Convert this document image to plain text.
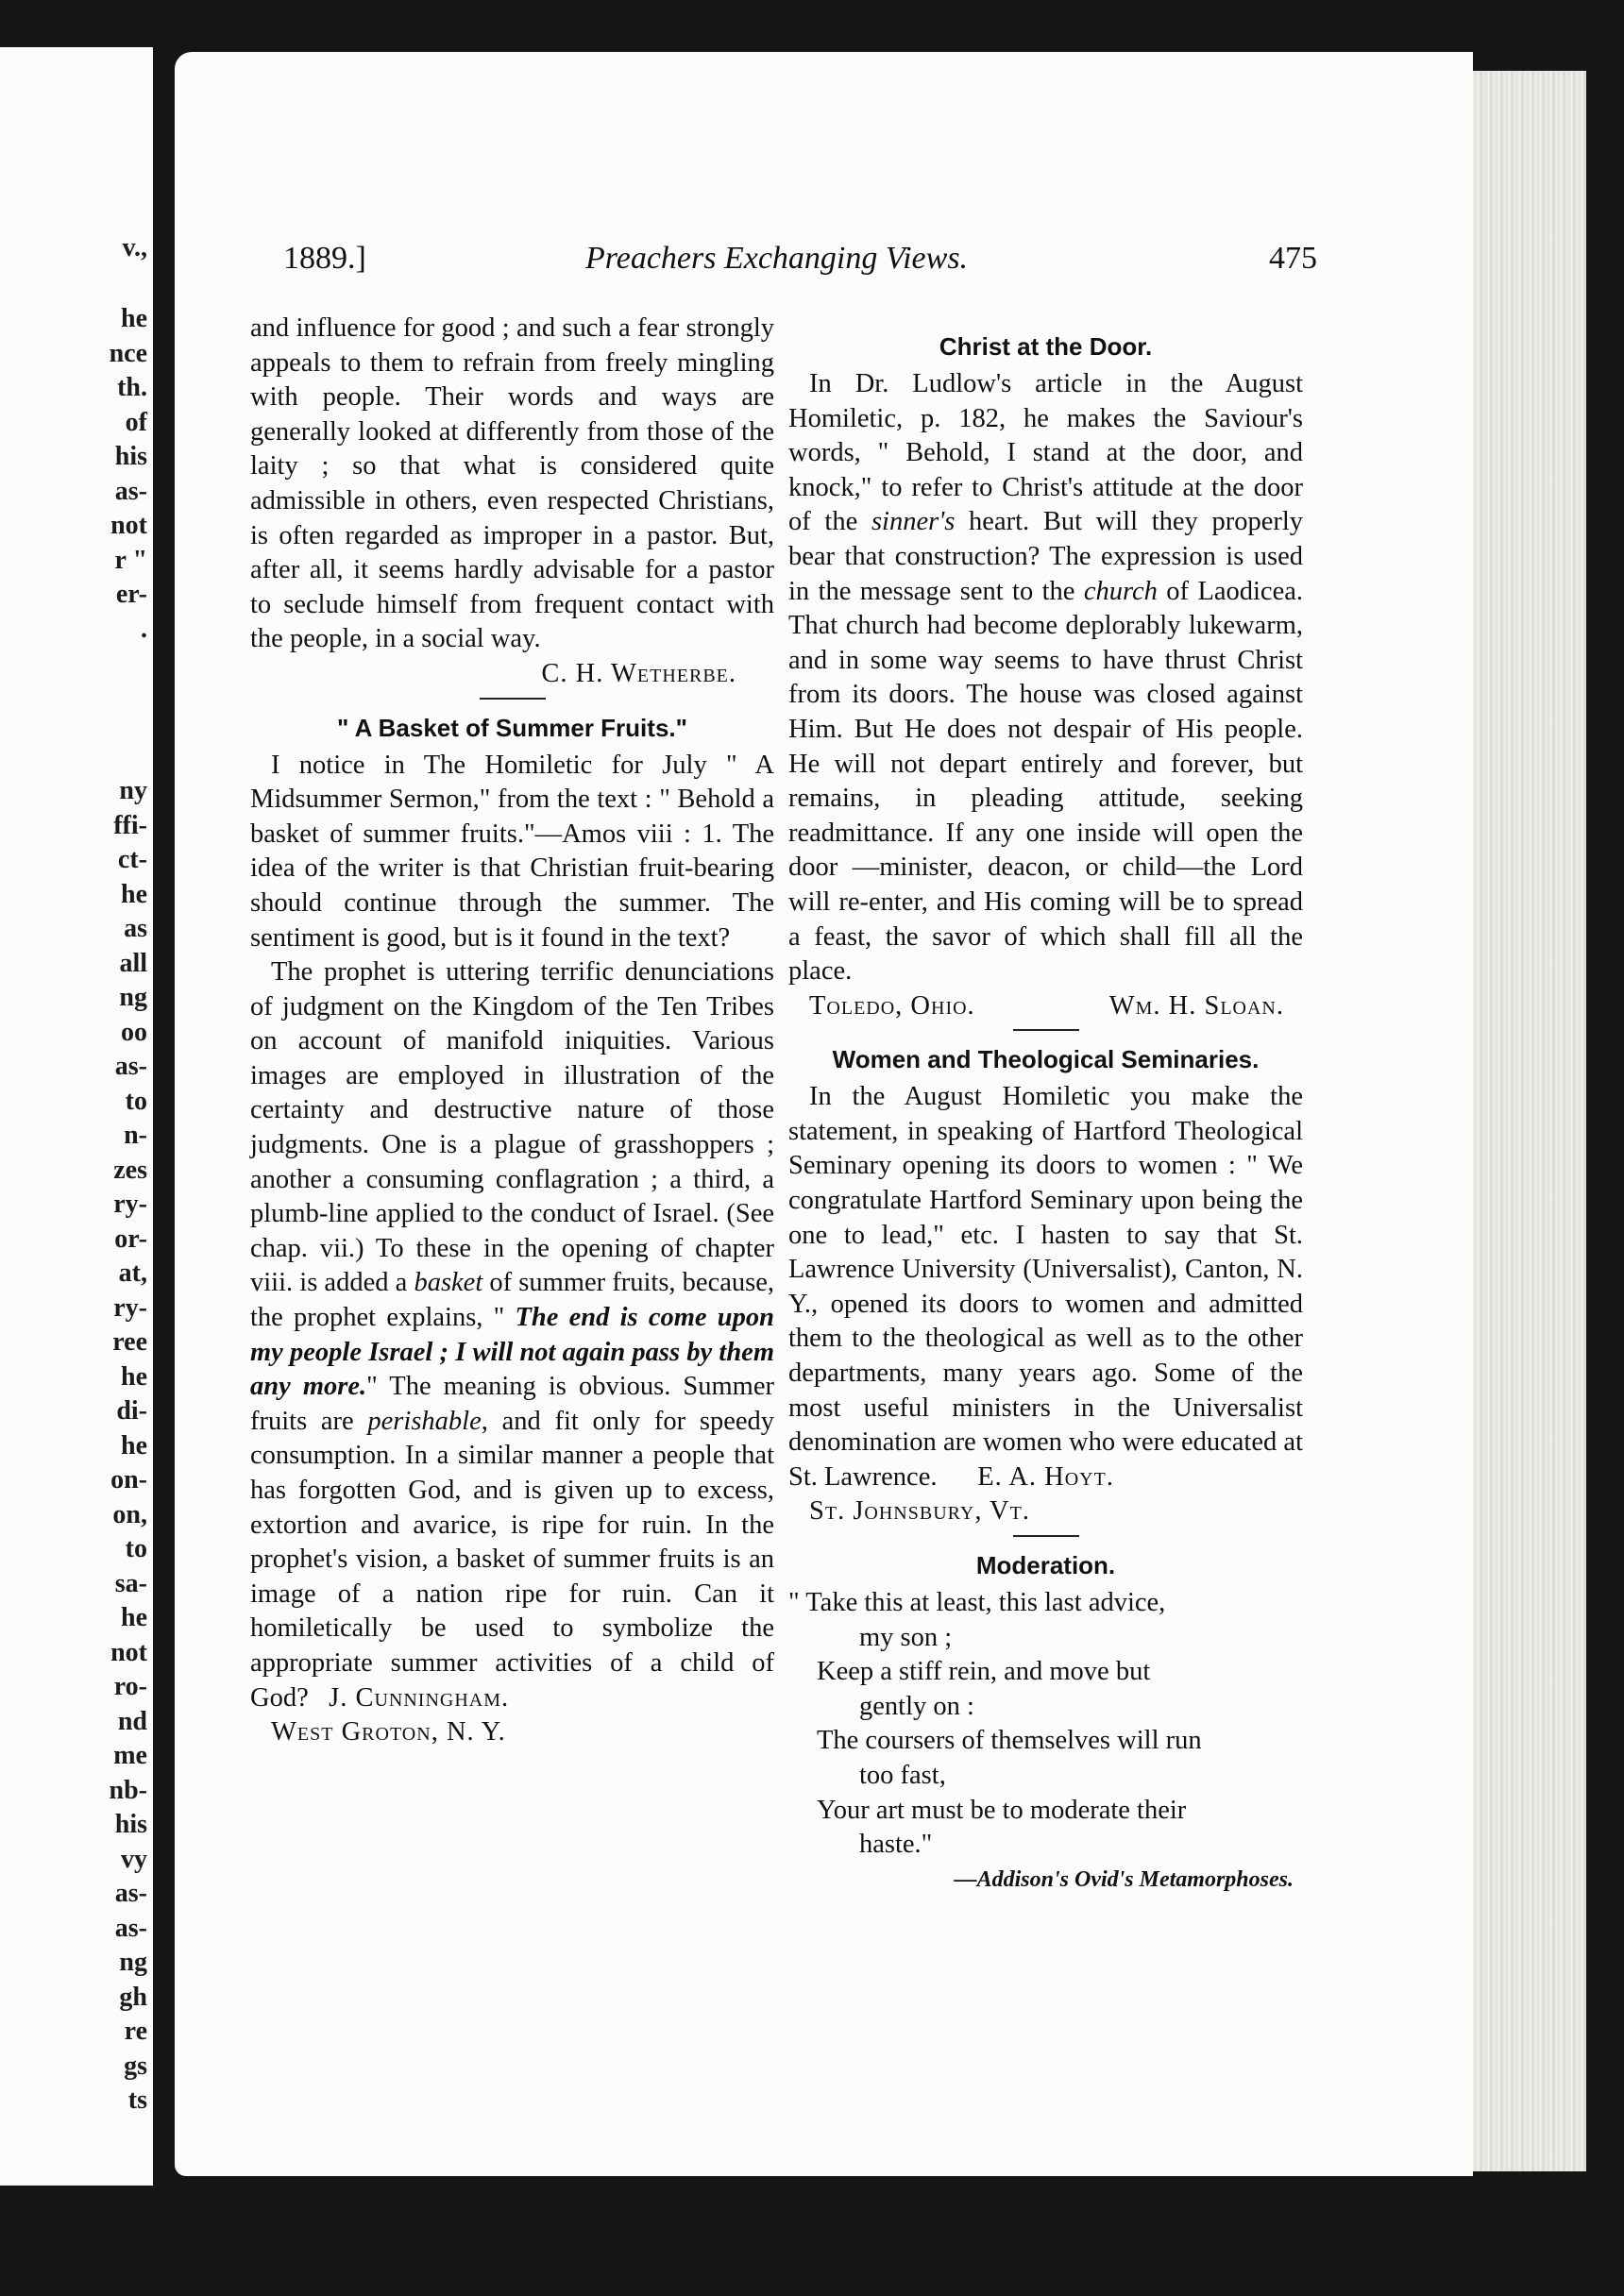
v.,
he
nce
th.
of
his
as-
not
r "
er-
.
ny
ffi-
ct-
he
as
all
ng
oo
as-
to
n-
zes
ry-
or-
at,
ry-
ree
he
di-
he
on-
on,
to
sa-
he
not
ro-
nd
me
nb-
his
vy
as-
as-
ng
gh
re
gs
ts
1889.]	Preachers Exchanging Views.	475

and influence for good ; and such a fear strongly appeals to them to refrain from freely mingling with people. Their words and ways are generally looked at differently from those of the laity ; so that what is considered quite admissible in others, even respected Christians, is often regarded as improper in a pastor. But, after all, it seems hardly advisable for a pastor to seclude himself from frequent contact with the people, in a social way.

C. H. Wetherbe.
" A Basket of Summer Fruits."

I notice in The Homiletic for July " A Midsummer Sermon," from the text : " Behold a basket of summer fruits."—Amos viii : 1. The idea of the writer is that Christian fruit-bearing should continue through the summer. The sentiment is good, but is it found in the text?

The prophet is uttering terrific denunciations of judgment on the Kingdom of the Ten Tribes on account of manifold iniquities. Various images are employed in illustration of the certainty and destructive nature of those judgments. One is a plague of grasshoppers ; another a consuming conflagration ; a third, a plumb-line applied to the conduct of Israel. (See chap. vii.) To these in the opening of chapter viii. is added a basket of summer fruits, because, the prophet explains, " The end is come upon my people Israel ; I will not again pass by them any more." The meaning is obvious. Summer fruits are perishable, and fit only for speedy consumption. In a similar manner a people that has forgotten God, and is given up to excess, extortion and avarice, is ripe for ruin. In the prophet's vision, a basket of summer fruits is an image of a nation ripe for ruin. Can it homiletically be used to symbolize the appropriate summer activities of a child of God? J. Cunningham.

West Groton, N. Y.
Christ at the Door.

In Dr. Ludlow's article in the August Homiletic, p. 182, he makes the Saviour's words, " Behold, I stand at the door, and knock," to refer to Christ's attitude at the door of the sinner's heart. But will they properly bear that construction? The expression is used in the message sent to the church of Laodicea. That church had become deplorably lukewarm, and in some way seems to have thrust Christ from its doors. The house was closed against Him. But He does not despair of His people. He will not depart entirely and forever, but remains, in pleading attitude, seeking readmittance. If any one inside will open the door —minister, deacon, or child—the Lord will re-enter, and His coming will be to spread a feast, the savor of which shall fill all the place.

Toledo, Ohio.	Wm. H. Sloan.
Women and Theological Seminaries.

In the August Homiletic you make the statement, in speaking of Hartford Theological Seminary opening its doors to women : " We congratulate Hartford Seminary upon being the one to lead," etc. I hasten to say that St. Lawrence University (Universalist), Canton, N. Y., opened its doors to women and admitted them to the theological as well as to the other departments, many years ago. Some of the most useful ministers in the Universalist denomination are women who were educated at St. Lawrence. E. A. Hoyt.

St. Johnsbury, Vt.
Moderation.
" Take this at least, this last advice,
my son ;
Keep a stiff rein, and move but
gently on :
The coursers of themselves will run
too fast,
Your art must be to moderate their
haste."
—Addison's Ovid's Metamorphoses.
